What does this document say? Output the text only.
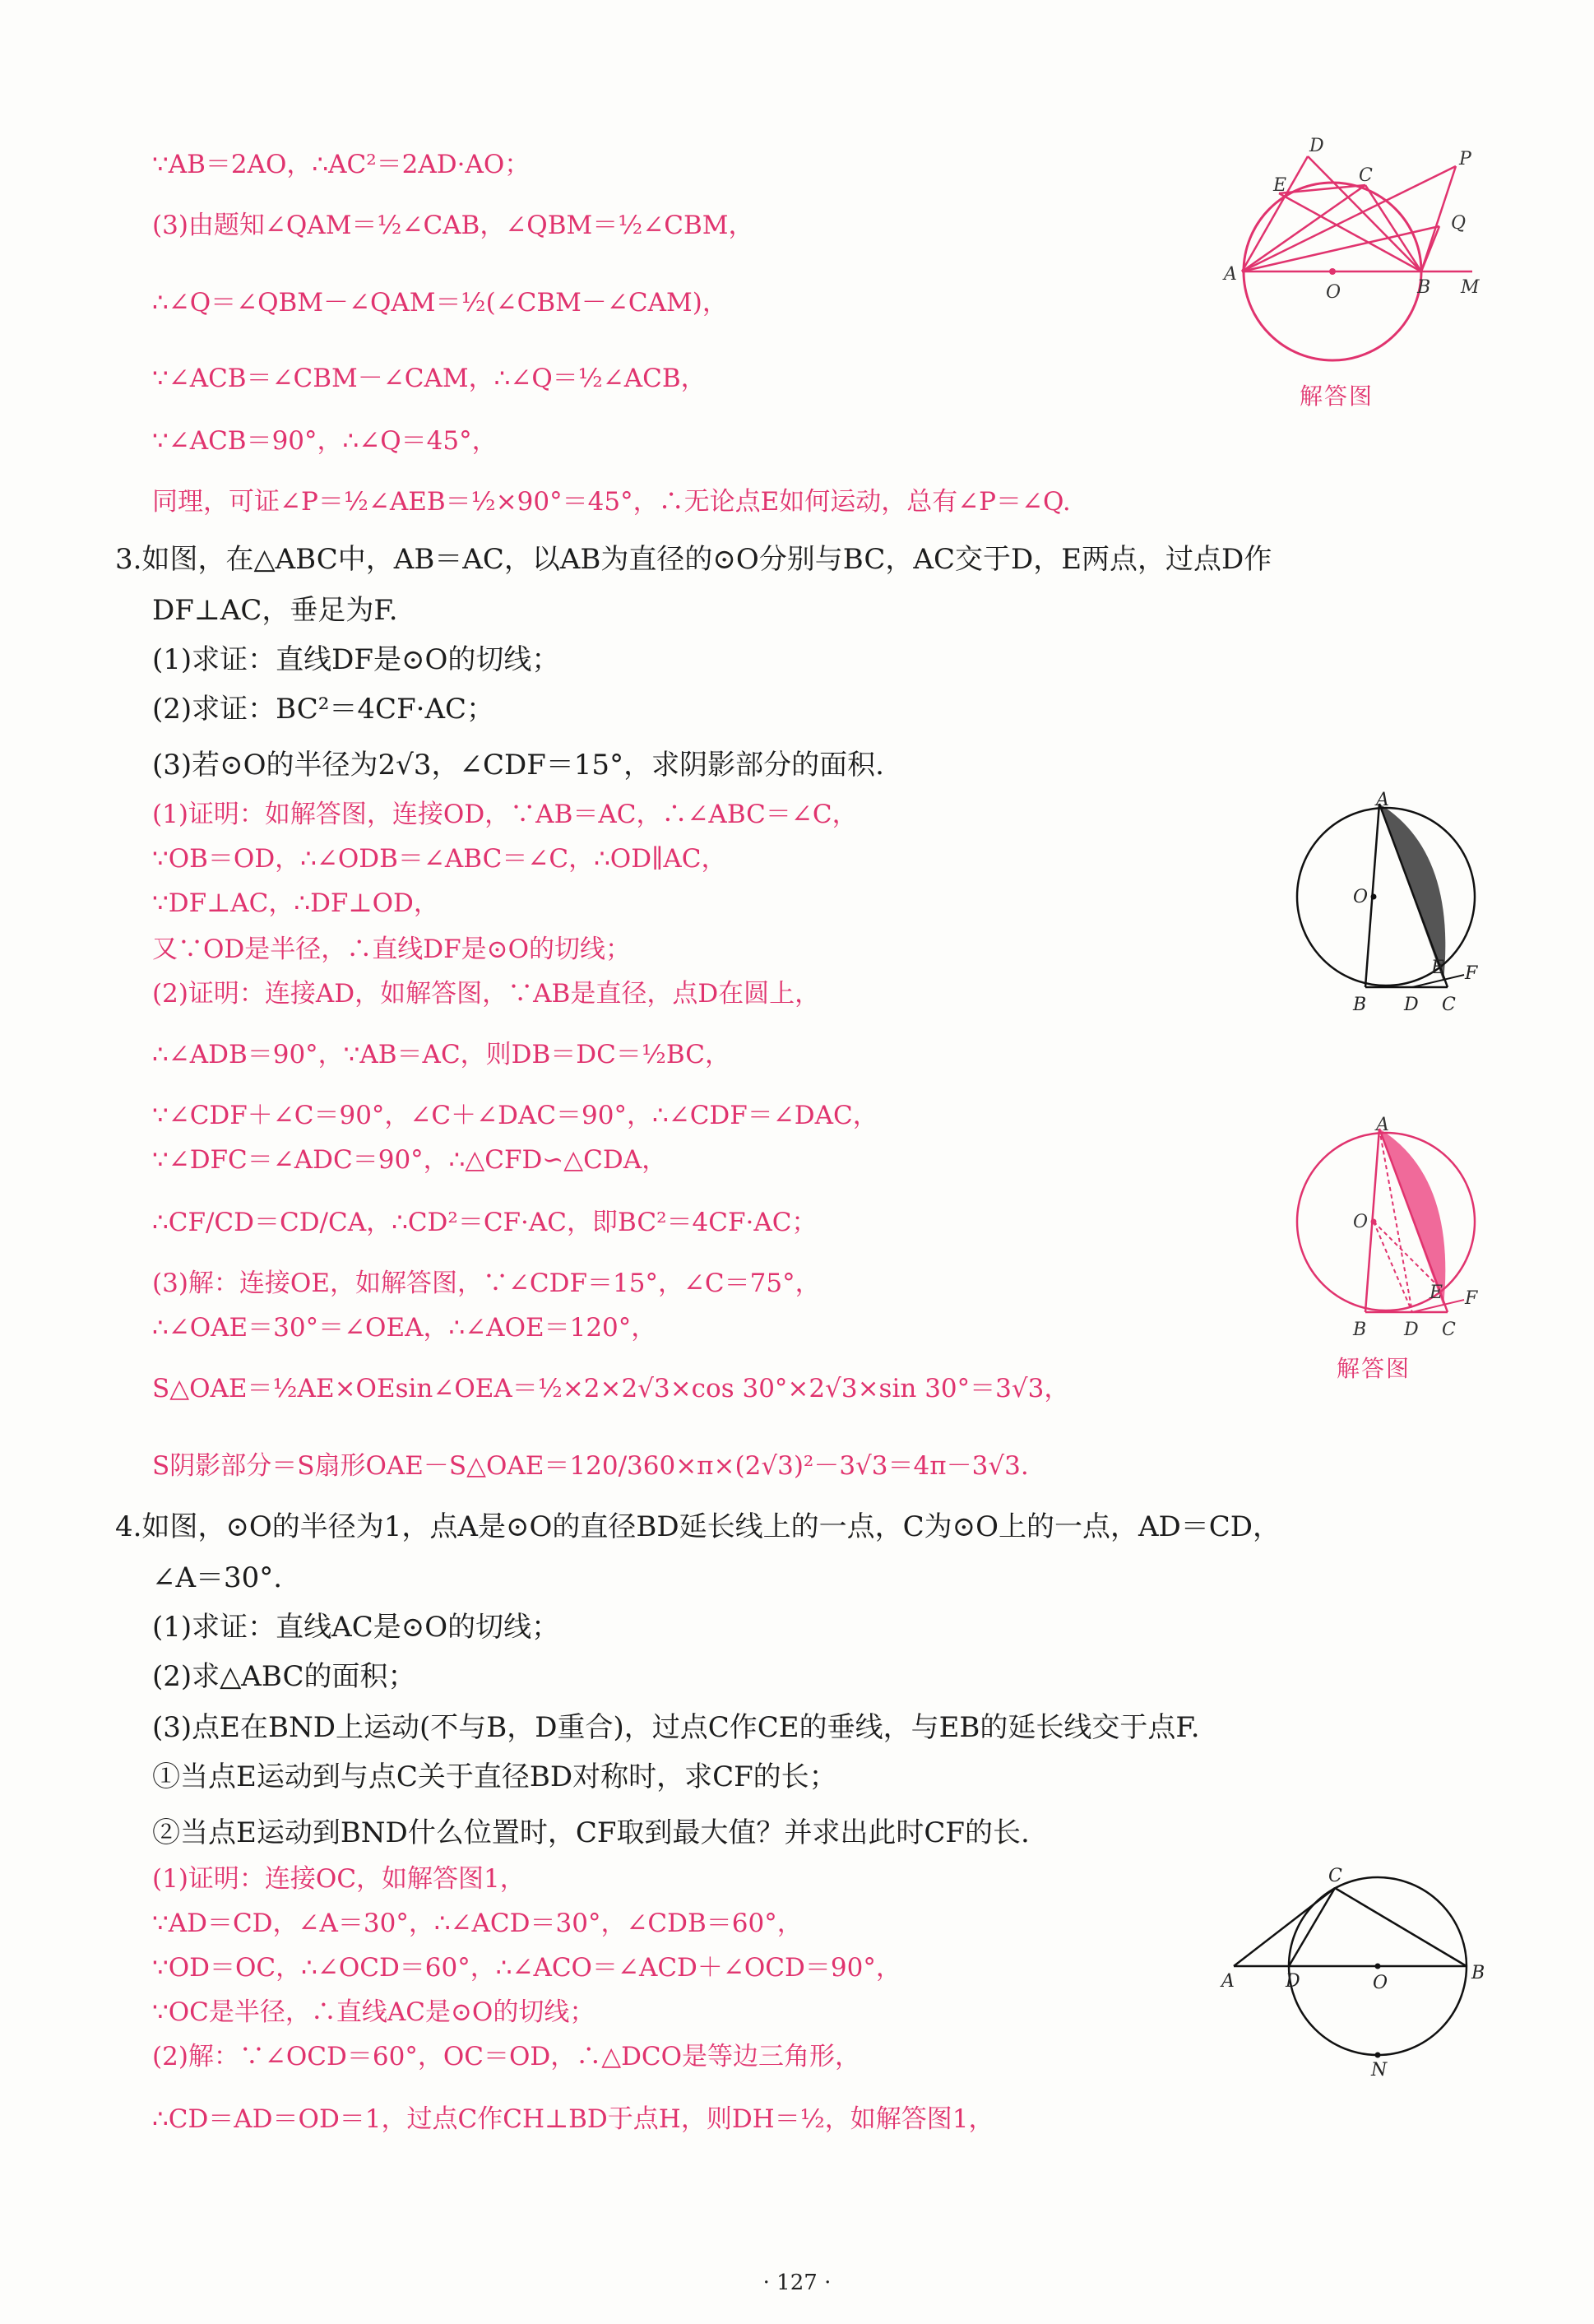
∵AB＝2AO，∴AC²＝2AD·AO；
(3)由题知∠QAM＝½∠CAB，∠QBM＝½∠CBM，
∴∠Q＝∠QBM－∠QAM＝½(∠CBM－∠CAM)，
∵∠ACB＝∠CBM－∠CAM，∴∠Q＝½∠ACB，
∵∠ACB＝90°，∴∠Q＝45°，
同理，可证∠P＝½∠AEB＝½×90°＝45°，∴无论点E如何运动，总有∠P＝∠Q.
3.如图，在△ABC中，AB＝AC，以AB为直径的⊙O分别与BC，AC交于D，E两点，过点D作
DF⊥AC，垂足为F.
(1)求证：直线DF是⊙O的切线；
(2)求证：BC²＝4CF·AC；
(3)若⊙O的半径为2√3，∠CDF＝15°，求阴影部分的面积.
(1)证明：如解答图，连接OD，∵AB＝AC，∴∠ABC＝∠C，
∵OB＝OD，∴∠ODB＝∠ABC＝∠C，∴OD∥AC，
∵DF⊥AC，∴DF⊥OD，
又∵OD是半径，∴直线DF是⊙O的切线；
(2)证明：连接AD，如解答图，∵AB是直径，点D在圆上，
∴∠ADB＝90°，∵AB＝AC，则DB＝DC＝½BC，
∵∠CDF＋∠C＝90°，∠C＋∠DAC＝90°，∴∠CDF＝∠DAC，
∵∠DFC＝∠ADC＝90°，∴△CFD∽△CDA，
∴CF/CD＝CD/CA，∴CD²＝CF·AC，即BC²＝4CF·AC；
(3)解：连接OE，如解答图，∵∠CDF＝15°，∠C＝75°，
∴∠OAE＝30°＝∠OEA，∴∠AOE＝120°，
S△OAE＝½AE×OEsin∠OEA＝½×2×2√3×cos 30°×2√3×sin 30°＝3√3，
S阴影部分＝S扇形OAE－S△OAE＝120/360×π×(2√3)²－3√3＝4π－3√3.
4.如图，⊙O的半径为1，点A是⊙O的直径BD延长线上的一点，C为⊙O上的一点，AD＝CD，
∠A＝30°.
(1)求证：直线AC是⊙O的切线；
(2)求△ABC的面积；
(3)点E在BND上运动(不与B，D重合)，过点C作CE的垂线，与EB的延长线交于点F.
①当点E运动到与点C关于直径BD对称时，求CF的长；
②当点E运动到BND什么位置时，CF取到最大值？并求出此时CF的长.
(1)证明：连接OC，如解答图1，
∵AD＝CD，∠A＝30°，∴∠ACD＝30°，∠CDB＝60°，
∵OD＝OC，∴∠OCD＝60°，∴∠ACO＝∠ACD＋∠OCD＝90°，
∵OC是半径，∴直线AC是⊙O的切线；
(2)解：∵∠OCD＝60°，OC＝OD，∴△DCO是等边三角形，
∴CD＝AD＝OD＝1，过点C作CH⊥BD于点H，则DH＝½，如解答图1，
D
E	C
P
Q
A
O	B M
解答图
A
O
E F
B D C
A
O
E F
B D C
解答图
C
A	D	O	B
N
· 127 ·
